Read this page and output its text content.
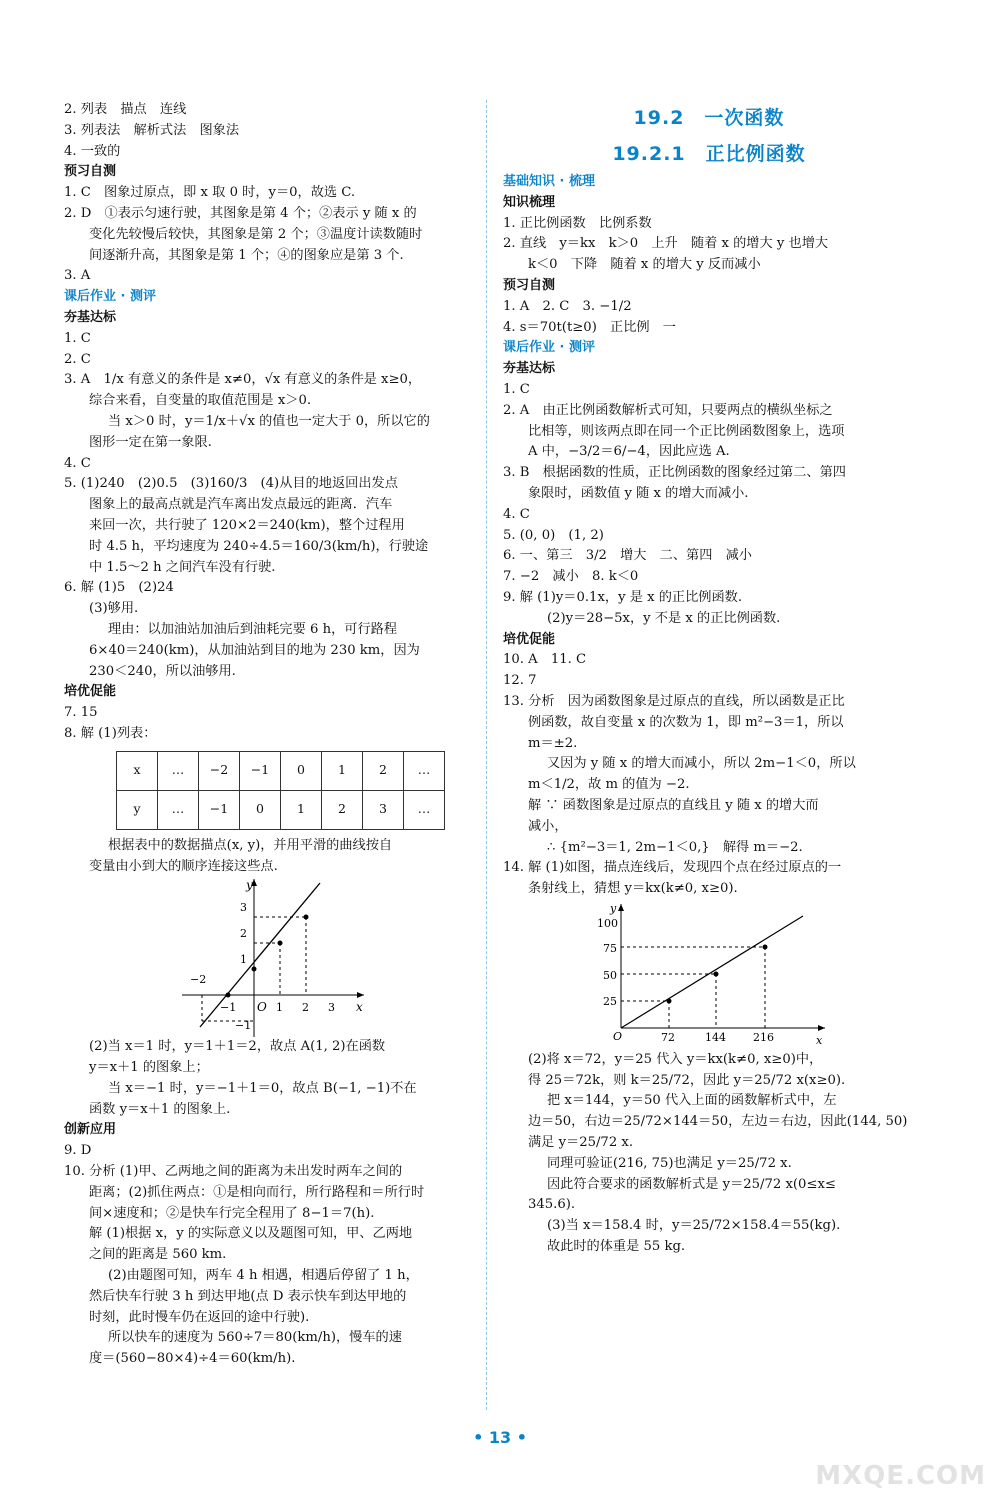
2. 列表　描点　连线
3. 列表法　解析式法　图象法
4. 一致的
预习自测
1. C　图象过原点，即 x 取 0 时，y＝0，故选 C.
2. D　①表示匀速行驶，其图象是第 4 个；②表示 y 随 x 的
变化先较慢后较快，其图象是第 2 个；③温度计读数随时
间逐渐升高，其图象是第 1 个；④的图象应是第 3 个.
3. A
课后作业 · 测评
夯基达标
1. C
2. C
3. A　1/x 有意义的条件是 x≠0，√x 有意义的条件是 x≥0，
综合来看，自变量的取值范围是 x＞0.
当 x＞0 时，y＝1/x＋√x 的值也一定大于 0，所以它的
图形一定在第一象限.
4. C
5. (1)240　(2)0.5　(3)160/3　(4)从目的地返回出发点
图象上的最高点就是汽车离出发点最远的距离．汽车
来回一次，共行驶了 120×2＝240(km)，整个过程用
时 4.5 h，平均速度为 240÷4.5＝160/3(km/h)，行驶途
中 1.5～2 h 之间汽车没有行驶.
6. 解 (1)5　(2)24
(3)够用.
理由：以加油站加油后到油耗完要 6 h，可行路程
6×40＝240(km)，从加油站到目的地为 230 km，因为
230＜240，所以油够用.
培优促能
7. 15
8. 解 (1)列表：
x	…	−2	−1	0	1	2	…
y	…	−1	0	1	2	3	…
根据表中的数据描点(x, y)，并用平滑的曲线按自
变量由小到大的顺序连接这些点.
y
x
O
3
2
1
−2
−1	1 2 3
−1
(2)当 x＝1 时，y＝1＋1＝2，故点 A(1, 2)在函数
y＝x＋1 的图象上；
当 x＝−1 时，y＝−1＋1＝0，故点 B(−1, −1)不在
函数 y＝x＋1 的图象上.
创新应用
9. D
10. 分析 (1)甲、乙两地之间的距离为未出发时两车之间的
距离；(2)抓住两点：①是相向而行，所行路程和＝所行时
间×速度和；②是快车行完全程用了 8−1＝7(h).
解 (1)根据 x，y 的实际意义以及题图可知，甲、乙两地
之间的距离是 560 km.
(2)由题图可知，两车 4 h 相遇，相遇后停留了 1 h，
然后快车行驶 3 h 到达甲地(点 D 表示快车到达甲地的
时刻，此时慢车仍在返回的途中行驶).
所以快车的速度为 560÷7＝80(km/h)，慢车的速
度＝(560−80×4)÷4＝60(km/h).
19.2　一次函数
19.2.1　正比例函数
基础知识 · 梳理
知识梳理
1. 正比例函数　比例系数
2. 直线　y＝kx　k＞0　上升　随着 x 的增大 y 也增大
k＜0　下降　随着 x 的增大 y 反而减小
预习自测
1. A　2. C　3. −1/2
4. s＝70t(t≥0)　正比例　一
课后作业 · 测评
夯基达标
1. C
2. A　由正比例函数解析式可知，只要两点的横纵坐标之
比相等，则该两点即在同一个正比例函数图象上，选项
A 中，−3/2＝6/−4，因此应选 A.
3. B　根据函数的性质，正比例函数的图象经过第二、第四
象限时，函数值 y 随 x 的增大而减小.
4. C
5. (0, 0)　(1, 2)
6. 一、第三　3/2　增大　二、第四　减小
7. −2　减小　8. k＜0
9. 解 (1)y＝0.1x，y 是 x 的正比例函数.
(2)y＝28−5x，y 不是 x 的正比例函数.
培优促能
10. A　11. C
12. 7
13. 分析　因为函数图象是过原点的直线，所以函数是正比
例函数，故自变量 x 的次数为 1，即 m²−3＝1，所以
m＝±2.
又因为 y 随 x 的增大而减小，所以 2m−1＜0，所以
m＜1/2，故 m 的值为 −2.
解 ∵ 函数图象是过原点的直线且 y 随 x 的增大而
减小，
∴ {m²−3＝1, 2m−1＜0,}　解得 m＝−2.
14. 解 (1)如图，描点连线后，发现四个点在经过原点的一
条射线上，猜想 y＝kx(k≠0, x≥0).
y
x
O
100
75
50
25
72	144 216
(2)将 x＝72，y＝25 代入 y＝kx(k≠0, x≥0)中，
得 25＝72k，则 k＝25/72，因此 y＝25/72 x(x≥0).
把 x＝144，y＝50 代入上面的函数解析式中，左
边＝50，右边＝25/72×144＝50，左边＝右边，因此(144, 50)
满足 y＝25/72 x.
同理可验证(216, 75)也满足 y＝25/72 x.
因此符合要求的函数解析式是 y＝25/72 x(0≤x≤
345.6).
(3)当 x＝158.4 时，y＝25/72×158.4＝55(kg).
故此时的体重是 55 kg.
• 13 •
MXQE.COM
